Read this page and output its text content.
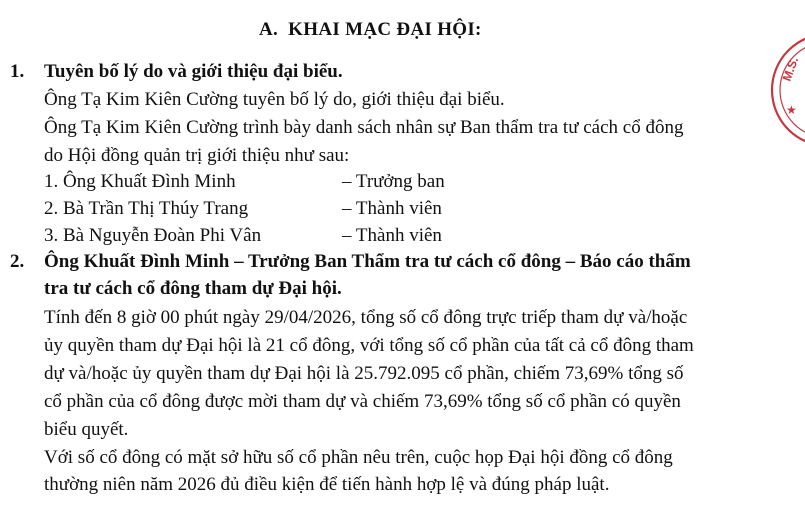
A.  KHAI MẠC ĐẠI HỘI:
1. Tuyên bố lý do và giới thiệu đại biểu.
Ông Tạ Kim Kiên Cường tuyên bố lý do, giới thiệu đại biểu.
Ông Tạ Kim Kiên Cường trình bày danh sách nhân sự Ban thẩm tra tư cách cổ đông
do Hội đồng quản trị giới thiệu như sau:
1. Ông Khuất Đình Minh	– Trưởng ban
2. Bà Trần Thị Thúy Trang	– Thành viên
3. Bà Nguyễn Đoàn Phi Vân	– Thành viên
2. Ông Khuất Đình Minh – Trưởng Ban Thẩm tra tư cách cổ đông – Báo cáo thẩm
tra tư cách cổ đông tham dự Đại hội.
Tính đến 8 giờ 00 phút ngày 29/04/2026, tổng số cổ đông trực triếp tham dự và/hoặc
ủy quyền tham dự Đại hội là 21 cổ đông, với tổng số cổ phần của tất cả cổ đông tham
dự và/hoặc ủy quyền tham dự Đại hội là 25.792.095 cổ phần, chiếm 73,69% tổng số
cổ phần của cổ đông được mời tham dự và chiếm 73,69% tổng số cổ phần có quyền
biểu quyết.
Với số cổ đông có mặt sở hữu số cổ phần nêu trên, cuộc họp Đại hội đồng cổ đông
thường niên năm 2026 đủ điều kiện để tiến hành hợp lệ và đúng pháp luật.
M.S.
★
